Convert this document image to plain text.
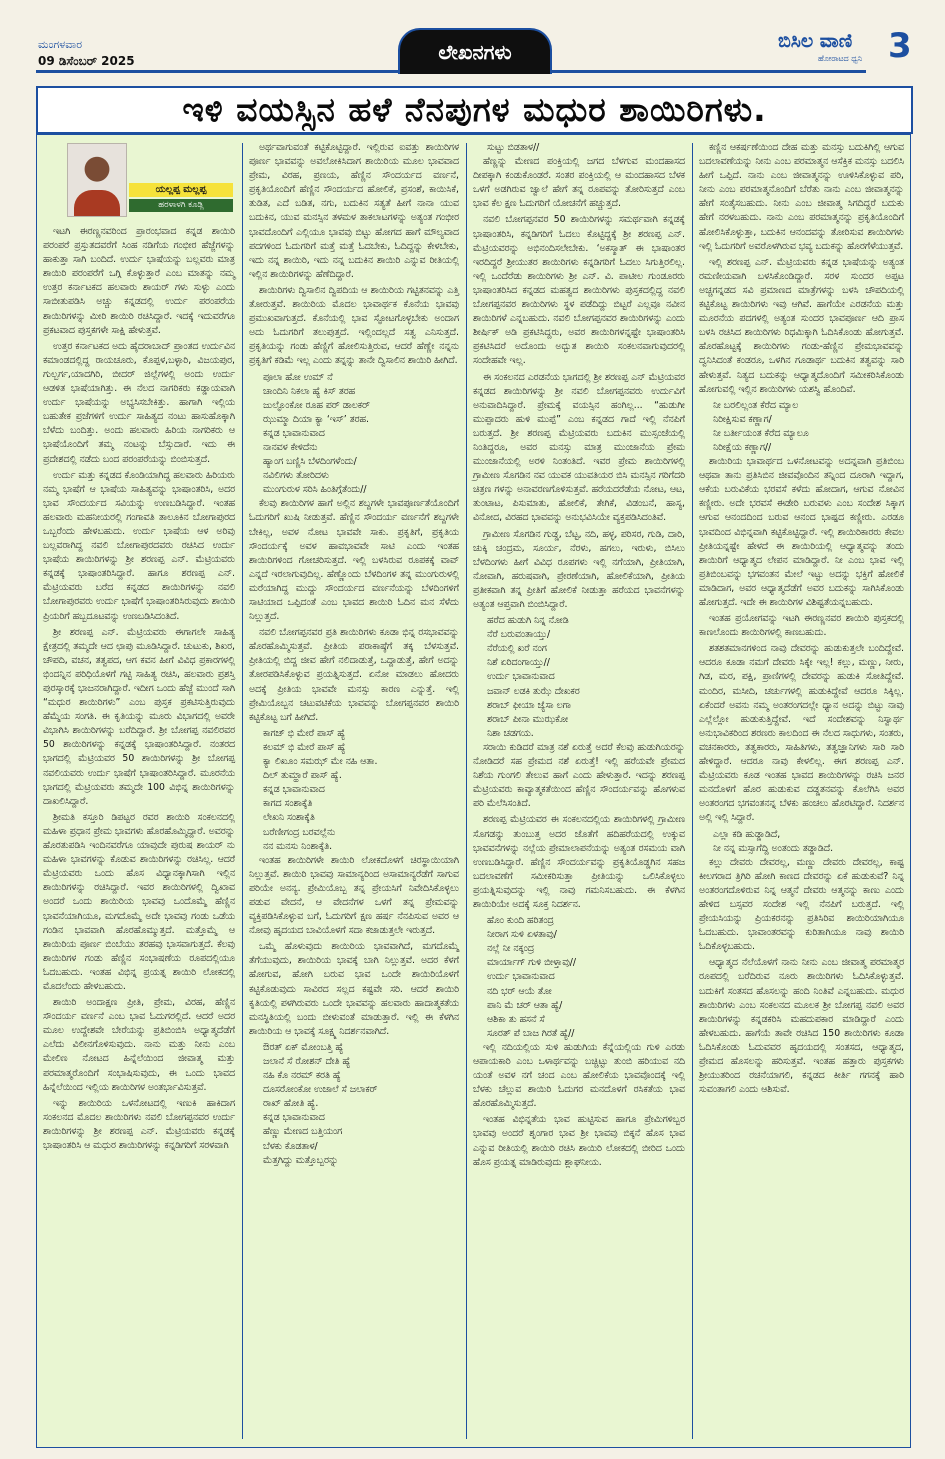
ಮಂಗಳವಾರ
09 ಡಿಸೆಂಬರ್ 2025	ಲೇಖನಗಳು	ಬಿಸಿಲ ವಾಣಿ
ಹೋರಾಟದ ಧ್ವನಿ 3
ಇಳಿ ವಯಸ್ಸಿನ ಹಳೆ ನೆನಪುಗಳ ಮಧುರ ಶಾಯಿರಿಗಳು.
ಯಲ್ಲಪ್ಪ ಮಲ್ಲಪ್ಪ
ಹರಳಾಳಗಿ ಕೂಡ್ಲಿ

ಇಟಗಿ ಈರಣ್ಣನವರಿಂದ ಪ್ರಾರಂಭವಾದ ಕನ್ನಡ ಶಾಯಿರಿ ಪರಂಪರೆ ಪ್ರಸ್ತುತದವರೆಗೆ ಸಿಂಹ ನಡಿಗೆಯ ಗಂಭೀರ ಹೆಜ್ಜೆಗಳನ್ನು ಹಾಕುತ್ತಾ ಸಾಗಿ ಬಂದಿದೆ. ಉರ್ದು ಭಾಷೆಯನ್ನು ಬಲ್ಲವರು ಮಾತ್ರ ಶಾಯಿರಿ ಪರಂಪರೆಗೆ ಒಗ್ಗಿ ಕೊಳ್ಳುತ್ತಾರೆ ಎಂಬ ಮಾತನ್ನು ನಮ್ಮ ಉತ್ತರ ಕರ್ನಾಟಕದ ಹಲವಾರು ಶಾಯರ್ ಗಳು ಸುಳ್ಳು ಎಂದು ಸಾಬೀತುಪಡಿಸಿ ಅಚ್ಚು ಕನ್ನಡದಲ್ಲಿ ಉರ್ದು ಪರಂಪರೆಯ ಶಾಯಿರಿಗಳನ್ನು ಮೀರಿ ಶಾಯಿರಿ ರಚಿಸಿದ್ದಾರೆ. ಇದಕ್ಕೆ ಇದುವರೆಗೂ ಪ್ರಕಟವಾದ ಪುಸ್ತಕಗಳೇ ಸಾಕ್ಷಿ ಹೇಳುತ್ತವೆ.

ಉತ್ತರ ಕರ್ನಾಟಕದ ಅದು ಹೈದರಾಬಾದ್ ಪ್ರಾಂತದ ಉರ್ದುವಿನ ಕಮಾಂಡದಲ್ಲಿದ್ದ ರಾಯಚೂರು, ಕೊಪ್ಪಳ,ಬಳ್ಳಾರಿ, ವಿಜಯಪುರ, ಗುಲ್ಬರ್ಗ,ಯಾದಗಿರಿ, ಬೀದರ್ ಜಿಲ್ಲೆಗಳಲ್ಲಿ ಅಂದು ಉರ್ದು ಆಡಳಿತ ಭಾಷೆಯಾಗಿತ್ತು. ಈ ನೆಲದ ನಾಗರಿಕರು ಕಡ್ಡಾಯವಾಗಿ ಉರ್ದು ಭಾಷೆಯನ್ನು ಅಭ್ಯಸಿಸಬೇಕಿತ್ತು. ಹಾಗಾಗಿ ಇಲ್ಲಿಯ ಬಹುತೇಕ ಪ್ರಜೆಗಳಿಗೆ ಉರ್ದು ಸಾಹಿತ್ಯದ ನಂಟು ಹಾಸುಹೊಕ್ಕಾಗಿ ಬೆಳೆದು ಬಂದಿತ್ತು. ಅಂದು ಹಲವಾರು ಹಿರಿಯ ನಾಗರಿಕರು ಆ ಭಾಷೆಯೊಂದಿಗೆ ತಮ್ಮ ನಂಟನ್ನು ಬೆಸ್ಸುದಾರೆ. ಇದು ಈ ಪ್ರದೇಶದಲ್ಲಿ ನಡೆದು ಬಂದ ಪರಂಪರೆಯನ್ನು ಬಿಂಬಿಸುತ್ತದೆ.

ಉರ್ದು ಮತ್ತು ಕನ್ನಡದ ಕೊಂಡಿಯಾಗಿದ್ದ ಹಲವಾರು ಹಿರಿಯರು ನಮ್ಮ ಭಾಷೆಗೆ ಆ ಭಾಷೆಯ ಸಾಹಿತ್ಯವನ್ನು ಭಾಷಾಂತರಿಸಿ, ಅದರ ಭಾವ ಸೌಂದರ್ಯದ ಸವಿಯನ್ನು ಉಣಬಡಿಸಿದ್ದಾರೆ. ಇಂತಹ ಹಲವಾರು ಮಹನೀಯರಲ್ಲಿ ಗಂಗಾವತಿ ತಾಲೂಕಿನ ಬೋಗಾಪುರದ ಒಬ್ಬರೆಂದು ಹೇಳಬಹುದು. ಉರ್ದು ಭಾಷೆಯ ಆಳ ಅರಿವು ಬಲ್ಲವರಾಗಿದ್ದ ನವಲಿ ಬೋಗಾಪುರದವರು ರಚಿಸಿದ ಉರ್ದು ಭಾಷೆಯ ಶಾಯಿರಿಗಳನ್ನು ಶ್ರೀ ಶರಣಪ್ಪ ಎನ್. ಮೆಟ್ರಿಯವರು ಕನ್ನಡಕ್ಕೆ ಭಾಷಾಂತರಿಸಿದ್ದಾರೆ. ಹಾಗೂ ಶರಣಪ್ಪ ಎನ್. ಮೆಟ್ರಿಯವರು ಬರೆದ ಕನ್ನಡದ ಶಾಯಿರಿಗಳನ್ನು ನವಲಿ ಬೋಗಾಪುರವರು ಉರ್ದು ಭಾಷೆಗೆ ಭಾಷಾಂತರಿಸಿರುವುದು ಶಾಯಿರಿ ಪ್ರಿಯರಿಗೆ ಹಬ್ಬದೂಟವನ್ನು ಉಣಬಡಿಸಿದಂತಿದೆ.

ಶ್ರೀ ಶರಣಪ್ಪ ಎನ್. ಮೆಟ್ರಿಯವರು ಈಗಾಗಲೇ ಸಾಹಿತ್ಯ ಕ್ಷೇತ್ರದಲ್ಲಿ ತಮ್ಮದೇ ಆದ ಛಾಪು ಮೂಡಿಸಿದ್ದಾರೆ. ಚುಟುಕು, ಶಿಖರ, ಚೌಪದಿ, ವಚನ, ತತ್ವಪದ, ಆಗ ಕವನ ಹೀಗೆ ವಿವಿಧ ಪ್ರಕಾರಗಳಲ್ಲಿ ಭಿಂದನ್ನಿನ ಪರಿಧಿಯೊಳಗೆ ಗಟ್ಟಿ ಸಾಹಿತ್ಯ ರಚಿಸಿ, ಹಲವಾರು ಪ್ರಶಸ್ತಿ ಪುರಸ್ಕಾರಕ್ಕೆ ಭಾಜನರಾಗಿದ್ದಾರೆ. ಇದೀಗ ಒಂದು ಹೆಜ್ಜೆ ಮುಂದೆ ಸಾಗಿ “ಮಧುರ ಶಾಯಿರಿಗಳು” ಎಂಬ ಪುಸ್ತಕ ಪ್ರಕಟಿಸುತ್ತಿರುವುದು ಹೆಮ್ಮೆಯ ಸಂಗತಿ. ಈ ಕೃತಿಯನ್ನು ಮೂರು ವಿಭಾಗದಲ್ಲಿ ಅವರೇ ವಿಭಾಗಿಸಿ ಶಾಯಿರಿಗಳನ್ನು ಬರೆದಿದ್ದಾರೆ. ಶ್ರೀ ಬೋಗಪ್ಪ ನವಲಿರವರ 50 ಶಾಯಿರಿಗಳನ್ನು ಕನ್ನಡಕ್ಕೆ ಭಾಷಾಂತರಿಸಿದ್ದಾರೆ. ನಂತರದ ಭಾಗದಲ್ಲಿ ಮೆಟ್ರಿಯವರ 50 ಶಾಯಿರಿಗಳನ್ನು ಶ್ರೀ ಬೋಗಪ್ಪ ನವಲಿಯವರು ಉರ್ದು ಭಾಷೆಗೆ ಭಾಷಾಂತರಿಸಿದ್ದಾರೆ. ಮೂರನೆಯ ಭಾಗದಲ್ಲಿ ಮೆಟ್ರಿಯವರು ತಮ್ಮದೇ 100 ವಿಭಿನ್ನ ಶಾಯಿರಿಗಳನ್ನು ದಾಖಲಿಸಿದ್ದಾರೆ.

ಶ್ರೀಮತಿ ಕಸ್ತೂರಿ ಡಿಪಟ್ಟರ ರವರ ಶಾಯಿರಿ ಸಂಕಲನದಲ್ಲಿ ಮಹಿಳಾ ಪ್ರಧಾನ ಪ್ರೇಮ ಭಾವಗಳು ಹೊರಹೊಮ್ಮಿದ್ದಾರೆ. ಅವರನ್ನು ಹೊರತುಪಡಿಸಿ ಇಂದಿನವರೆಗೂ ಯಾವುದೇ ಪುರುಷ ಶಾಯರ್ ನು ಮಹಿಳಾ ಭಾವಗಳನ್ನು ಕೊಡುವ ಶಾಯಿರಿಗಳನ್ನು ರಚಿಸಿಲ್ಲ. ಆದರೆ ಮೆಟ್ರಿಯವರು ಒಂದು ಹೊಸ ವಿಧ್ಯಾನಕ್ಕಾಗಿಸಾಗಿ ಇಲ್ಲಿನ ಶಾಯಿರಿಗಳನ್ನು ರಚಿಸಿದ್ದಾರೆ. ಇವರ ಶಾಯಿರಿಗಳಲ್ಲಿ ದ್ವಿಖಾವ ಅಂದರೆ ಒಂದು ಶಾಯಿರಿಯ ಭಾವವು ಒಂದೊಮ್ಮೆ ಹೆಣ್ಣಿನ ಭಾವನೆಯಾಗಿಯೂ, ಮಗದೊಮ್ಮೆ ಅದೇ ಭಾವವು ಗಂಡು ಒಡೆಯ ಗಂಡಿನ ಭಾವವಾಗಿ ಹೊರಹೊಮ್ಮುತ್ತದೆ. ಮತ್ತೊಮ್ಮೆ ಆ ಶಾಯಿರಿಯ ಪೂರ್ಣ ಬಿಂಬೆಯು ತರಹವು ಭಾಸವಾಗುತ್ತದೆ. ಕೆಲವು ಶಾಯಿರಿಗಳ ಗಂಡು ಹೆಣ್ಣಿನ ಸಂಭಾಷಣೆಯ ರೂಪದಲ್ಲಿಯೂ ಓದಬಹುದು. ಇಂತಹ ವಿಭಿನ್ನ ಪ್ರಯತ್ನ ಶಾಯಿರಿ ಲೋಕದಲ್ಲಿ ಮೊದಲೆಂದು ಹೇಳಬಹುದು.

ಶಾಯಿರಿ ಅಂದಾಕ್ಷಣ ಪ್ರೀತಿ, ಪ್ರೇಮ, ವಿರಹ, ಹೆಣ್ಣಿನ ಸೌಂದರ್ಯ ವರ್ಣನೆ ಎಂಬ ಭಾವ ಓದುಗರಲ್ಲಿದೆ. ಆದರೆ ಅದರ ಮೂಲ ಉದ್ದೇಶವೇ ಬೇರೆಯನ್ನು ಪ್ರತಿಬಿಂಬಿಸಿ ಅಧ್ಯಾತ್ಮದೆಡೆಗೆ ಎಲೆದು ವಿಲೀನಗೊಳಿಸುವುದು. ನಾನು ಮತ್ತು ನೀನು ಎಂಬ ಮೇಲಿಣ ನೋಟದ ಹಿನ್ನೆಲೆಯಿಂದ ಜೀವಾತ್ಮ ಮತ್ತು ಪರಮಾತ್ಮರೊಂದಿಗೆ ಸಂಭಾಷಿಸುವುದು, ಈ ಒಂದು ಭಾವದ ಹಿನ್ನೆಲೆಯಿಂದ ಇಲ್ಲಿಯ ಶಾಯಿರಿಗಳ ಅಂತರ್ಭಾವಿಸುತ್ತವೆ.

ಇನ್ನು ಶಾಯಿರಿಯ ಒಳನೋಟದಲ್ಲಿ ಇಣುಕಿ ಹಾಕಿದಾಗ ಸಂಕಲನದ ಮೊದಲ ಶಾಯಿರಿಗಳು ನವಲಿ ಬೋಗಪ್ಪನವರ ಉರ್ದು ಶಾಯಿರಿಗಳನ್ನು ಶ್ರೀ ಶರಣಪ್ಪ ಎನ್. ಮೆಟ್ರಿಯವರು ಕನ್ನಡಕ್ಕೆ ಭಾಷಾಂತರಿಸಿ ಆ ಮಧುರ ಶಾಯಿರಿಗಳನ್ನು ಕನ್ನಡಿಗರಿಗೆ ಸರಳವಾಗಿ

ಅರ್ಥವಾಗುವಂತೆ ಕಟ್ಟಿಕೊಟ್ಟಿದ್ದಾರೆ. ಇಲ್ಲಿರುವ ಐವತ್ತು ಶಾಯಿರಿಗಳ ಪೂರ್ಣ ಭಾವವನ್ನು ಅವಲೋಕಿಸಿದಾಗ ಶಾಯಿರಿಯ ಮೂಲ ಭಾವವಾದ ಪ್ರೇಮ, ವಿರಹ, ಪ್ರಣಯ, ಹೆಣ್ಣಿನ ಸೌಂದರ್ಯದ ವರ್ಣನೆ, ಪ್ರಕೃತಿಯೊಂದಿಗೆ ಹೆಣ್ಣಿನ ಸೌಂದರ್ಯದ ಹೋಲಿಕೆ, ಪ್ರಸಂಶೆ, ಕಾಯಿಸಿಕೆ, ತುಡಿತ, ಎದೆ ಬಡಿತ, ನಗು, ಬದುಕಿನ ಸತ್ಯತೆ ಹೀಗೆ ನಾನಾ ಯುವ ಬದುಕಿನ, ಯುವ ಮನಸ್ಸಿನ ತಳಮಳ ತಾಕಲಾಟಗಳನ್ನು ಅತ್ಯಂತ ಗಂಭೀರ ಭಾವದೊಂದಿಗೆ ಎಲ್ಲಿಯೂ ಭಾವವು ಬಿಟ್ಟು ಹೋಗದ ಹಾಗೆ ಮೌಲ್ಯವಾದ ಪದಗಳಿಂದ ಓದುಗರಿಗೆ ಮತ್ತೆ ಮತ್ತೆ ಓದಬೇಕು, ಓದಿದ್ದನ್ನು ಕೇಳಬೇಕು, ಇದು ನನ್ನ ಶಾಯಿರಿ, ಇದು ನನ್ನ ಬದುಕಿನ ಶಾಯಿರಿ ಎನ್ನುವ ರೀತಿಯಲ್ಲಿ ಇಲ್ಲಿನ ಶಾಯಿರಿಗಳನ್ನು ಹೆಣೆದಿದ್ದಾರೆ.

ಶಾಯಿರಿಗಳು ದ್ವಿಸಾಲಿನ ದ್ವಿಪದಿಯ ಆ ಶಾಯಿರಿಯ ಗಟ್ಟಿತನವನ್ನು ಎತ್ತಿ ತೋರುತ್ತವೆ. ಶಾಯಿರಿಯ ಮೊದಲ ಭಾವಾರ್ಥಕ ಕೊನೆಯ ಭಾವವು ಪ್ರಮುಖವಾಗುತ್ತದೆ. ಕೊನೆಯಲ್ಲಿ ಭಾವ ಸ್ಫೋಟಗೊಳ್ಳಬೇಕು ಅಂದಾಗ ಅದು ಓದುಗರಿಗೆ ತಲುಪುತ್ತದೆ. ಇಲ್ಲಿಂದಲ್ಲದೆ ಸತ್ವ ಎನಿಸುತ್ತದೆ. ಪ್ರಕೃತಿಯನ್ನು ಗಂಡು ಹೆಣ್ಣಿಗೆ ಹೋಲಿಸುತ್ತಿರುವ, ಆದರೆ ಹೆಣ್ಣೇ ನನ್ನನು ಪ್ರಕೃತಿಗೆ ಕಡಿಮೆ ಇಲ್ಲ ಎಂದು ತನ್ನನ್ನು ತಾನೇ ದ್ವಿಸಾಲಿನ ಶಾಯಿರಿ ಹೀಗಿದೆ.

ಪೂಲಾ ಹೋ ಉಮ್ ನೆ

ಚಾಂದಿನಿ ನಿಕಲಾ ಹ್ಯೆ ಕಿಸ್ ತರಹ

ಜುಲ್ಫೊಂಕೋ ರೂಹ ಪರ್ ಡಾಲಕರ್

ಝುಮ್ಮಾ ದಿಯಾ ಕ್ಯಾ ‘ಇಸ್’ ತರಹ.

ಕನ್ನಡ ಭಾವಾನುವಾದ

ನಾನವಳ ಕೇಳಿದೆನು

ಹ್ಯಾಂಗ ಬಣ್ಣಿಸಿ ಬೆಳದಿಂಗಳೆಂದು/

ನವಿಲಿಗಳು ತೋರಿದಳು

ಮುಂಗುರುಳ ಸರಿಸಿ ಹಿಂತಿಗ್ಗೆತೆಂದು//

ಕೆಲವು ಶಾಯಿರಿಗಳ ಹಾಗೆ ಅಲ್ಲಿನ ಶಬ್ದಗಳೇ ಭಾವಪೂರ್ಣತೆಯೊಂದಿಗೆ ಓದುಗರಿಗೆ ಖುಷಿ ನೀಡುತ್ತವೆ. ಹೆಣ್ಣಿನ ಸೌಂದರ್ಯ ವರ್ಣನೆಗೆ ಶಬ್ದಗಳೇ ಬೇಕಿಲ್ಲ, ಅವಳ ನೋಟ ಭಾವವೇ ಸಾಕು. ಪ್ರಕೃತಿಗೆ, ಪ್ರಕೃತಿಯ ಸೌಂದರ್ಯಕ್ಕೆ ಅವಳ ಹಾವಭಾವವೇ ಸಾಟಿ ಎಂದು ಇಂತಹ ಶಾಯಿರಿಗಳಿಂದ ಗೋಚರಿಸುತ್ತದೆ. ಇಲ್ಲಿ ಬಳಸಿರುವ ರೂಪಕಕ್ಕೆ ವಾವ್ ಎನ್ನದೆ ಇರಲಾಗುವುದಿಲ್ಲ. ಹೆಣ್ಣೊಂದು ಬೆಳದಿಂಗಳ ತನ್ನ ಮುಂಗುರುಳಲ್ಲಿ ಮರೆಯಾಗಿದ್ದ ಮುದ್ದು ಸೌಂದರ್ಯದ ವರ್ಣನೆಯನ್ನು ಬೆಳದಿಂಗಳಿಗೆ ಸಾಟಿಯಾದ ಒಪ್ಪಿದಂತೆ ಎಂಬ ಭಾವದ ಶಾಯಿರಿ ಓದಿನ ಮನ ಸೆಳೆದು ನಿಲ್ಲುತ್ತದೆ.

ನವಲಿ ಬೋಗಪ್ಪನವರ ಪ್ರತಿ ಶಾಯಿರಿಗಳು ಕೂಡಾ ಭಿನ್ನ ರಸಭಾವವನ್ನು ಹೊರಹೊಮ್ಮಿಸುತ್ತವೆ. ಪ್ರೀತಿಯ ಪರಾಕಾಷ್ಠೆಗೆ ತಕ್ಕ ಬೆಳಸುತ್ತವೆ. ಪ್ರೀತಿಯಲ್ಲಿ ಬಿದ್ದ ಜೀವ ಹೇಗೆ ನಲಿದಾಡುತ್ತೆ, ಒದ್ದಾಡುತ್ತೆ, ಹೇಗೆ ಅದನ್ನು ತೋರಪಡಿಸಿಕೊಳ್ಳುವ ಪ್ರಯತ್ನಿಸುತ್ತದೆ. ಏನೋ ಮಾಡಲು ಹೋದರು ಅದಕ್ಕೆ ಪ್ರೀತಿಯ ಭಾವವೇ ಮನಸ್ಸು ಕಾರಣ ಎನ್ನುತ್ತೆ. ಇಲ್ಲಿ ಪ್ರೇಮಿಯೊಬ್ಬನ ಚಟುವಟಿಕೆಯ ಭಾವವನ್ನು ಬೋಗಪ್ಪನವರ ಶಾಯಿರಿ ಕಟ್ಟಿಕೊಟ್ಟ ಬಗೆ ಹೀಗಿದೆ.

ಕಾಗಜ್ ಭಿ ಮೇರೆ ಪಾಸ್ ಹ್ಯೆ

ಕಲಮ್ ಭಿ ಮೇರೆ ಪಾಸ್ ಹ್ಯೆ

ಕ್ಯಾ ಲಿಖೂಂ ಸಮಝ್ ಮೇ ನಹಿ ಆತಾ.

ದಿಲ್ ತುಮ್ಹಾರೆ ಪಾಸ್ ಹ್ಯೆ.

ಕನ್ನಡ ಭಾವಾನುವಾದ

ಕಾಗದ ಸಂಶಾಕ್ಕೆತಿ

ಲೇಖನಿ ಸಂಶಾಕ್ಕೆತಿ

ಬರೆಣೀಗಂದ್ರ ಬರವಲ್ಲೆನು

ನನ ಮನಸು ನಿಂಶಾಕ್ಕೆತಿ.

ಇಂತಹ ಶಾಯಿರಿಗಳೇ ಶಾಯಿರಿ ಲೋಕದೊಳಗೆ ಚಿರಸ್ಥಾಯಿಯಾಗಿ ನಿಲ್ಲುತ್ತವೆ. ಶಾಯಿರಿ ಭಾವವು ಸಾಮಾನ್ಯರಿಂದ ಅಸಾಮಾನ್ಯರೆಡೆಗೆ ಸಾಗುವ ಪರಿಯೇ ಅನನ್ಯ. ಪ್ರೇಮಿಯೊಬ್ಬ ತನ್ನ ಪ್ರೇಯಸಿಗೆ ನಿವೇದಿಸಿಕೊಳ್ಳಲು ಪಡುವ ವೇದನೆ, ಆ ವೇದನೆಗಳ ಒಳಗೆ ತನ್ನ ಪ್ರೇಮವನ್ನು ವ್ಯಕ್ತಿಪಡಿಸಿಕೊಳ್ಳುವ ಬಗೆ, ಓದುಗರಿಗೆ ಕ್ಷಣ ಹರ್ಷ ನೆನಪಿಸುವ ಅವರ ಆ ನೋವು ಹೃದಯದ ಬಾವಿಯೊಳಗೆ ಸದಾ ಕಜಾಡುತ್ತಲೇ ಇರುತ್ತದೆ.

ಒಮ್ಮೆ ಹೊಳುವುದು ಶಾಯಿರಿಯ ಭಾವವಾಗಿದೆ, ಮಗದೊಮ್ಮೆ ತೆಗೆಯುವುದು, ಶಾಯಿರಿಯ ಭಾವಕ್ಕೆ ಬಾಗಿ ನಿಲ್ಲುತ್ತವೆ. ಅದರ ಕೆಳಗೆ ಹೋಗುವ, ಹೋಗಿ ಬರುವ ಭಾವ ಒಂದೇ ಶಾಯಿರಿಯೊಳಗೆ ಕಟ್ಟಿಕೊಡುವುದು ಸಾವಿರದ ಸಲ್ಲದ ಕಷ್ಟವೇ ಸರಿ. ಆದರೆ ಶಾಯಿರಿ ಕೃತಿಯಲ್ಲಿ ಪಳಗಿರುವರು ಒಂದೇ ಭಾವವನ್ನು ಹಲವಾರು ಹಾದಾತ್ಮಕತೆಯ ಮನಸ್ಥಿತಿಯಲ್ಲಿ ಬಂದು ಬೀಳುವಂತೆ ಮಾಡುತ್ತಾರೆ. ಇಲ್ಲಿ ಈ ಕೆಳಗಿನ ಶಾಯಿರಿಯ ಆ ಭಾವಕ್ಕೆ ಸೂಕ್ಷ್ಮ ನಿದರ್ಶನವಾಗಿದೆ.

ಔರತ್ ಏಕ್ ಮೋಂಬತ್ತಿ ಹ್ಯೆ

ಜಲಾನೆ ಸೆ ರೋಶನ್ ದೇತಿ ಹ್ಯೆ

ನಹಿ ಕೊ ನರಮ್ ಕರತಿ ಹ್ಯೆ

ದೂಸರೋಂಕೋ ಉಜಾಲೆ ಸೆ ಜಲಾಕರ್

ರಾಖ್ ಹೋತಿ ಹ್ಯೆ.

ಕನ್ನಡ ಭಾವಾನುವಾದ

ಹೆಣ್ಣು ಮೇಣದ ಬತ್ತಿಯಂಗ

ಬೆಳಕು ಕೊಡತಾಳ/

ಮೆತ್ತಗಿದ್ದು ಮತ್ತೊಬ್ಬರನ್ನು

ಸುಟ್ಟು ಬಿಡತಾಳ//

ಹೆಣ್ಣನ್ನು ಮೇಣದ ಪಂಕ್ತಿಯಲ್ಲಿ ಜಗದ ಬೆಳಗುವ ಮಂದಹಾಸದ ದೀಪಕ್ಕಾಗಿ ಕಂಡುಕೊಂಡರೆ. ಸಂತರ ಪಂಕ್ತಿಯಲ್ಲಿ ಆ ಮಂದಹಾಸದ ಬೆಳಕ ಒಳಗೆ ಅಡಗಿರುವ ಜ್ವಾಲೆ ಹೇಗೆ ತನ್ನ ರೂಪವನ್ನು ತೋರಿಸುತ್ತದೆ ಎಂಬ ಭಾವ ಕೆಲ ಕ್ಷಣ ಓದುಗರಿಗೆ ಯೋಚನೆಗೆ ಹಚ್ಚುತ್ತದೆ.

ನವಲಿ ಬೋಗಪ್ಪನವರ 50 ಶಾಯಿರಿಗಳನ್ನು ಸಮರ್ಥವಾಗಿ ಕನ್ನಡಕ್ಕೆ ಭಾಷಾಂತರಿಸಿ, ಕನ್ನಡಿಗರಿಗೆ ಓದಲು ಕೊಟ್ಟಿದ್ದಕ್ಕೆ ಶ್ರೀ ಶರಣಪ್ಪ ಎನ್. ಮೆಟ್ರಿಯವರನ್ನು ಅಭಿನಂದಿಸಲೇಬೇಕು. ‘ಅಕಸ್ಮಾತ್ ಈ ಭಾಷಾಂತರ ಇರದಿದ್ದರೆ ಶ್ರೀಯುತರ ಶಾಯಿರಿಗಳು ಕನ್ನಡಿಗರಿಗೆ ಓದಲು ಸಿಗುತ್ತಿರಲಿಲ್ಲ. ಇಲ್ಲಿ ಒಂದೆರೆಡು ಶಾಯಿರಿಗಳು ಶ್ರೀ ಎನ್. ವಿ. ಪಾಟೀಲ ಗುಂಡೂರರು ಭಾಷಾಂತರಿಸಿದ ಕನ್ನಡದ ಮಹತ್ವದ ಶಾಯಿರಿಗಳು ಪುಸ್ತಕದಲ್ಲಿದ್ದ ನವಲಿ ಬೋಗಪ್ಪನವರ ಶಾಯಿರಿಗಳು ಸ್ಥಳ ಪಡೆದಿದ್ದು ಬಿಟ್ಟರೆ ಎಲ್ಲವೂ ನವೀನ ಶಾಯಿರಿಗಳೆ ಎನ್ನಬಹುದು. ನವಲಿ ಬೋಗಪ್ಪನವರ ಶಾಯಿರಿಗಳನ್ನು ಎಂದು ಶೀರ್ಷಿಕ್ ಅಡಿ ಪ್ರಕಟಿಸಿದ್ದರು, ಅವರ ಶಾಯಿರಿಗಳನ್ನಷ್ಟೇ ಭಾಷಾಂತರಿಸಿ ಪ್ರಕಟಿಸಿದರೆ ಅದೊಂದು ಅದ್ಭುತ ಶಾಯಿರಿ ಸಂಕಲನವಾಗುವುದರಲ್ಲಿ ಸಂದೇಹವೇ ಇಲ್ಲ.

ಈ ಸಂಕಲನದ ಎರಡನೆಯ ಭಾಗದಲ್ಲಿ ಶ್ರೀ ಶರಣಪ್ಪ ಎನ್ ಮೆಟ್ರಿಯವರ ಕನ್ನಡದ ಶಾಯಿರಿಗಳನ್ನು ಶ್ರೀ ನವಲಿ ಬೋಗಪ್ಪನವರು ಉರ್ದುವಿಗೆ ಅನುವಾದಿಸಿದ್ದಾರೆ. ಪ್ರೇಮಕ್ಕೆ ವಯಸ್ಸಿನ ಹಂಗಿಲ್ಲ... “ಹುಡುಗೀ ಮುಪ್ಪಾದರು ಹುಳಿ ಮುಪ್ಪೆ” ಎಂಬ ಕನ್ನಡದ ಗಾದೆ ಇಲ್ಲಿ ನೆನಪಿಗೆ ಬರುತ್ತದೆ. ಶ್ರೀ ಶರಣಪ್ಪ ಮೆಟ್ರಿಯವರು ಬದುಕಿನ ಮುಸ್ಸಂಜೆಯಲ್ಲಿ ನಿಂತಿದ್ದರೂ, ಅವರ ಮನಸ್ಸು ಮಾತ್ರ ಮುಂಜಾನೆಯ ಪ್ರೇಮ ಮುಂಜಾನೆಯಲ್ಲಿ ಅರಳಿ ನಿಂತಂತಿದೆ. ಇವರ ಪ್ರೇಮ ಶಾಯಿರಿಗಳಲ್ಲಿ ಗ್ರಾಮೀಣ ಸೊಗಡಿನ ನವ ಯುವಕ ಯುವತಿಯರ ಬಿಸಿ ಮನಸ್ಸಿನ ಗರಿಗೆದರಿ ಚಿತ್ರಣ ಗಳನ್ನು ಅನಾವರಣಗೊಳಿಸುತ್ತವೆ. ಹರೆಯದರೆಡೆಯ ನೋಟ, ಆಟ, ತುಂಟಾಟ, ಪಿಸುಮಾತು, ಹೋಲಿಕೆ, ತೇಗಿಕೆ, ವಿಡಂಬನೆ, ಹಾಸ್ಯ, ವಿನೋದ, ವಿರಹದ ಭಾವವನ್ನು ಅನುಭವಿಸಿಯೇ ವ್ಯಕ್ತಪಡಿಸಿದಂತಿವೆ.

ಗ್ರಾಮೀಣ ಸೊಗಡಿನ ಗುಡ್ಡ, ಬೆಟ್ಟ, ನದಿ, ಹಳ್ಳ, ಪರಿಸರ, ಗುಡಿ, ದಾರಿ, ಚುಕ್ಕಿ ಚಂದ್ರಮ, ಸೂರ್ಯ, ನೆರಳು, ಹಗಲು, ಇರುಳು, ಬಿಸಿಲು ಬೆಳದಿಂಗಳು ಹೀಗೆ ವಿವಿಧ ರೂಪಗಳು ಇಲ್ಲಿ ನಗೆಯಾಗಿ, ಪ್ರೀತಿಯಾಗಿ, ನೋವಾಗಿ, ಹರುಷವಾಗಿ, ಪ್ರೇರಣೆಯಾಗಿ, ಹೋಲಿಕೆಯಾಗಿ, ಪ್ರೀತಿಯ ಪ್ರತೀಕವಾಗಿ ತನ್ನ ಪ್ರೀತಿಗೆ ಹೋಲಿಕೆ ನೀಡುತ್ತಾ ಹರೆಯದ ಭಾವನೆಗಳನ್ನು ಅತ್ಯಂತ ಆಪ್ತವಾಗಿ ಬಿಂಬಿಸಿದ್ದಾರೆ.

ಹರೆದ ಹುಡುಗಿ ನಿನ್ನ ನೋಡಿ

ನೆರೆ ಬರುವಂತಾಯ್ತು/

ನೆರೆಯಲ್ಲಿ ಖರೆ ನಂಗ

ನಿಶೆ ಏರಿದಂಗಾಯ್ತು//

ಉರ್ದು ಭಾವಾನುವಾದ

ಜವಾನ್ ಲಡಕಿ ತುಝೆ ದೇಖಕರ

ಶರಾಬ್ ಫೀಯಾ ಜ್ಯೆಸಾ ಲಗಾ

ಶರಾಬ್ ಪೀನಾ ಮುಝಕೋ

ನಿಶಾ ಚಡಗಯ.

ಸರಾಯಿ ಕುಡಿದರೆ ಮಾತ್ರ ನಶೆ ಏರುತ್ತೆ ಅದರೆ ಕೆಲವು ಹುಡುಗಿಯರನ್ನು ನೋಡಿದರೆ ಸಹ ಪ್ರೇಮದ ನಶೆ ಏರುತ್ತೆ! ಇಲ್ಲಿ ಹರೆಯವೇ ಪ್ರೇಮದ ನಿಶೆಯ ಗುಂಗಲಿ ತೇಲುವ ಹಾಗೆ ಎಂದು ಹೇಳುತ್ತಾರೆ. ಇದನ್ನು ಶರಣಪ್ಪ ಮೆಟ್ರಿಯವರು ಕಾವ್ಯಾತ್ಮಕತೆಯಿಂದ ಹೆಣ್ಣಿನ ಸೌಂದರ್ಯವನ್ನು ಹೊಗಳುವ ಪರಿ ಮೆಲೆಸಿಸಂತಿದೆ.

ಶರಣಪ್ಪ ಮೆಟ್ರಿಯವರ ಈ ಸಂಕಲನದಲ್ಲಿಯ ಶಾಯಿರಿಗಳಲ್ಲಿ ಗ್ರಾಮೀಣ ಸೊಗಡನ್ನು ತುಂಬುತ್ತ ಅದರ ಜೊತೆಗೆ ಹದಿಹರೆಯದಲ್ಲಿ ಉಕ್ಕುವ ಭಾವವನೆಗಳನ್ನು ನಲ್ಲೆಯ ಪ್ರೇಮಾಲಾಪನೆಯನ್ನು ಅತ್ಯಂತ ರಸಮಯ ವಾಗಿ ಉಣಬಡಿಸಿದ್ದಾರೆ. ಹೆಣ್ಣಿನ ಸೌಂದರ್ಯವನ್ನು ಪ್ರಕೃತಿಯೊಡ್ಡಗಿನ ಸಹಜ ಬದಲಾವಣೆಗೆ ಸಮೀಕರಿಸುತ್ತಾ ಪ್ರೀತಿಯನ್ನು ಒಲಿಸಿಕೊಳ್ಳಲು ಪ್ರಯತ್ನಿಸುವುದನ್ನು ಇಲ್ಲಿ ನಾವು ಗಮನಿಸಬಹುದು. ಈ ಕೆಳಗಿನ ಶಾಯಿರಿಯೇ ಅದಕ್ಕೆ ಸೂಕ್ತ ನಿದರ್ಶನ.

ಹೊಂ ಕುಂದಿ ಹರಿತಂದ್ರ

ನೀರಾಗ ಸುಳಿ ಏಳತಾವು/

ನಲ್ಲೆ ನೀ ನಕ್ಕಂದ್ರ

ಮಾರ್ಯಾಗ್ ಗುಳಿ ಬೀಳ್ತಾವು//

ಉರ್ದು ಭಾವಾನುವಾದ

ನದಿ ಭರ್ ಆಯೆ ತೋ

ಪಾನಿ ಮೆ ಚರ್ ಆತಾ ಹ್ಯೆ/

ಆಶಿಕಾ ತು ಹಸನೆ ಸೆ

ಸೂರತ್ ಪೆ ಬಾಜ ಗಿರತೆ ಹ್ಯೆ//

ಇಲ್ಲಿ ನದಿಯಲ್ಲಿಯ ಸುಳಿ ಹುಡುಗಿಯ ಕೆನ್ನೆಯಲ್ಲಿಯ ಗುಳಿ ಎರಡು ಆಪಾಯಕಾರಿ ಎಂಬ ಒಳಾರ್ಥವನ್ನು ಬಚ್ಚಿಟ್ಟು ತುಂಬಿ ಹರಿಯುವ ನದಿ ಯಂತೆ ಅವಳ ನಗೆ ಚಂದ ಎಂಬ ಹೋಲಿಕೆಯ ಭಾವವೊಂದಕ್ಕೆ ಇಲ್ಲಿ ಬೆಳಕು ಚೆಲ್ಲುವ ಶಾಯಿರಿ ಓದುಗರ ಮನದೊಳಗೆ ರಸಿಕತೆಯ ಭಾವ ಹೊರಹೊಮ್ಮಿಸುತ್ತದೆ.

ಇಂತಹ ವಿಭಿನ್ನತೆಯ ಭಾವ ಹುಟ್ಟಿಸುವ ಹಾಗೂ ಪ್ರೇಮಿಗಳಿಬ್ಬರ ಭಾವವು ಅಂದರೆ ಶೃಂಗಾರ ಭಾವ ಶ್ರೀ ಭಾವವು ಬಿಕ್ಕನೆ ಹೊಸ ಭಾವ ಎನ್ನುವ ರೀತಿಯಲ್ಲಿ ಶಾಯಿರಿ ರಚಿಸಿ ಶಾಯಿರಿ ಲೋಕದಲ್ಲಿ ಬೀರಿದ ಒಂದು ಹೊಸ ಪ್ರಯತ್ನ ಮಾಡಿರುವುದು ಶ್ಲಾಘನೀಯ.

ಕಣ್ಣಿನ ಆಕರ್ಷಣೆಯಿಂದ ದೇಹ ಮತ್ತು ಮನಸ್ಸು ಬದುಕಿಗಿಲ್ಲಿ ಆಗುವ ಬದಲಾವಣೆಯನ್ನು ನೀನು ಎಂಬ ಪರಮಾತ್ಮನ ಆಸೆಕ್ತಿಕ ಮನಸ್ಸು ಬದಲಿಸಿ ಹೀಗೆ ಒಪ್ಪಿದೆ. ನಾನು ಎಂಬ ಜೀವಾತ್ಮನನ್ನು ಊಳಿಸಿಕೊಳ್ಳುವ ಪರಿ, ನೀನು ಎಂಬ ಪರಮಾತ್ಮನೊಂದಿಗೆ ಬೆರೆತು ನಾನು ಎಂಬ ಜೀವಾತ್ಮನನ್ನು ಹೇಗೆ ಸಂತೈಸಬಹುದು. ನೀನು ಎಂಬ ಜೀವಾತ್ಮ ಸಿಗದಿದ್ದರೆ ಬದುಕು ಹೇಗೆ ನರಳಬಹುದು. ನಾನು ಎಂಬ ಪರಮಾತ್ಮನನ್ನು ಪ್ರಕೃತಿಯೊಂದಿಗೆ ಹೋಲಿಸಿಕೊಳ್ಳುತ್ತಾ, ಬದುಕಿನ ಆನಂದವನ್ನು ತೋರಿಸುವ ಶಾಯಿರಿಗಳು ಇಲ್ಲಿ ಓದುಗರಿಗೆ ಅವರೊಳಗಿರುವ ಭವ್ಯ ಬದುಕನ್ನು ಹೊರಗೆಳೆಯುತ್ತವೆ.

ಇಲ್ಲಿ ಶರಣಪ್ಪ ಎನ್. ಮೆಟ್ರಿಯವರು ಕನ್ನಡ ಭಾಷೆಯನ್ನು ಅತ್ಯಂತ ರಮಣೀಯವಾಗಿ ಬಳಸಿಕೊಂಡಿದ್ದಾರೆ. ಸರಳ ಸುಂದರ ಅಪ್ಪಟ ಅಚ್ಚಗನ್ನಡದ ಸವಿ ಪ್ರಮಾಣದ ಮಾತ್ರೆಗಳನ್ನು ಬಳಸಿ ಚೌಪದಿಯಲ್ಲಿ ಕಟ್ಟಿಕೊಟ್ಟ ಶಾಯಿರಿಗಳು ಇವು ಆಗಿವೆ. ಹಾಗೆಯೇ ಎರಡನೆಯ ಮತ್ತು ಮೂರನೆಯ ಪದಗಳಲ್ಲಿ ಅತ್ಯಂತ ಸುಂದರ ಭಾವಪೂರ್ಣ ಆದಿ ಪ್ರಾಸ ಬಳಸಿ ರಚಿಸಿದ ಶಾಯಿರಿಗಳು ರಿಧಮಿಕ್ಕಾಗಿ ಓದಿಸಿಕೊಂಡು ಹೋಗುತ್ತವೆ. ಹೊರಹೊಟ್ಟಕ್ಕೆ ಶಾಯಿರಿಗಳು ಗಂಡು-ಹೆಣ್ಣಿನ ಪ್ರೇಮಭಾವವನ್ನು ದ್ವನಿಸಿದಂತೆ ಕಂಡರೂ, ಒಳಗಿನ ಗೂಡಾರ್ಥ ಬದುಕಿನ ತತ್ವವನ್ನು ಸಾರಿ ಹೇಳುತ್ತವೆ. ನಿತ್ಯದ ಬದುಕನ್ನು ಆಧ್ಯಾತ್ಮದೊಂದಿಗೆ ಸಮೀಕರಿಸಿಕೊಂಡು ಹೋಗುವಲ್ಲಿ ಇಲ್ಲಿನ ಶಾಯಿರಿಗಳು ಯಶಸ್ವಿ ಹೊಂದಿವೆ.

ನೀ ಬರಲಿಲ್ಲಂತ ಕೆರೆದ ಮ್ಯಾಲ

ನಿರೀಕ್ಷಿಸುವ ಕಣ್ಣಾಗ/

ನೀ ಬರ್ತೀಯಂತ ಕೆರೆದ ಮ್ಯಾಲೂ

ನಿರೀಕ್ಷೆಯ ಕಣ್ಣಾಗ//

ಶಾಯಿರಿಯ ಭಾವಾರ್ಥದ ಒಳನೋಟವನ್ನು ಅದನ್ನವಾಗಿ ಪ್ರತಿಬಿಂಬ ಆಥವಾ ತಾನು ಪ್ರತಿಸಿಬಿನ ಜೀವವೊಂದಿನ ತನ್ನಿಂದ ದೂರಾಗಿ ಇದ್ದಾಗ, ಆಕೆಯ ಬರುವಿಕೆಯ ಭರವಸೆ ಕಳೆದು ಹೋದಾಗ, ಆಗುವ ನೋವಿನ ಕಣ್ಣೀರು. ಅದೇ ಭರವಸೆ ಈಡೇರಿ ಬರುವಳು ಎಂಬ ಸಂದೇಶ ಸಿಕ್ಕಾಗ ಆಗುವ ಆನಂದದಿಂದ ಬರುವ ಆನಂದ ಭಾಷ್ಪದ ಕಣ್ಣೀರು. ಎರಡೂ ಭಾವದಿಂದ ವಿಭಿನ್ನವಾಗಿ ಕಟ್ಟಿಕೊಟ್ಟಿದ್ದಾರೆ. ಇಲ್ಲಿ ಶಾಯಿರಿಕಾರರು ಕೇವಲ ಪ್ರೀತಿಯನ್ನಷ್ಟೇ ಹೇಳದೆ ಈ ಶಾಯಿರಿಯಲ್ಲಿ ಆಧ್ಯಾತ್ಮವನ್ನು ತಂದು ಶಾಯಿರಿಗೆ ಆಧ್ಯಾತ್ಮದ ಲೇಪನ ಮಾಡಿದ್ದಾರೆ. ನೀ ಎಂಬ ಭಾವ ಇಲ್ಲಿ ಪ್ರತಿಬಿಂಬವನ್ನು ಭಗವಂತನ ಮೇಲೆ ಇಟ್ಟು ಅದನ್ನು ಭಕ್ತಿಗೆ ಹೋಲಿಕೆ ಮಾಡಿದಾಗ, ಅವರ ಆಧ್ಯಾತ್ಮದೆಡೆಗೆ ಅವರ ಬದುಕನ್ನು ಸಾಗಿಸಿಕೊಂಡು ಹೋಗುತ್ತದೆ. ಇದೇ ಈ ಶಾಯಿರಿಗಳ ವಿಶಿಷ್ಟತೆಯನ್ನಬಹುದು.

ಇಂತಹ ಪ್ರಯೋಗವನ್ನು ಇಟಗಿ ಈರಣ್ಣನವರ ಶಾಯಿರಿ ಪುಸ್ತಕದಲ್ಲಿ ಕಾಣಲೊಂದು ಶಾಯಿರಿಗಳಲ್ಲಿ ಕಾಣಬಹುದು.

ಶತಶತಮಾನಗಳಿಂದ ನಾವು ದೇವರನ್ನು ಹುಡುಕುತ್ತಲೇ ಬಂದಿದ್ದೇವೆ. ಆದರೂ ಕೂಡಾ ನಮಗೆ ದೇವರು ಸಿಕ್ಕೇ ಇಲ್ಲ! ಕಲ್ಲು, ಮಣ್ಣು, ನೀರು, ಗಿಡ, ಮರ, ಪಕ್ಷಿ, ಪ್ರಾಣಿಗಳಲ್ಲಿ ದೇವರನ್ನು ಹುಡುಕಿ ಸೋತಿದ್ದೇವೆ. ಮಂದಿರ, ಮಸೀದಿ, ಚರ್ಚುಗಳಲ್ಲಿ ಹುಡುಕಿದ್ದೇವೆ ಆದರೂ ಸಿಕ್ಕಿಲ್ಲ. ಏಕೆಂದರೆ ಅವನು ನಮ್ಮ ಅಂತರಂಗದಲ್ಲೇ ಧ್ಯಾನ ಅದನ್ನು ಬಿಟ್ಟು ನಾವು ಎಲ್ಲೆಲ್ಲೋ ಹುಡುಕುತ್ತಿದ್ದೇವೆ. ಇದೆ ಸಂದೇಶವನ್ನು ನಿಸ್ವಾರ್ಥ ಅನುಭಾವಿಕರಿಂದ ಶರಣರು ಕಾಲದಿಂದ ಈ ನೆಲದ ಸಾಧುಗಳು, ಸಂತರು, ವಚನಕಾರರು, ತತ್ವಕಾರರು, ಸಾಹಿತಿಗಳು, ತತ್ವಜ್ಞಾನಿಗಳು ಸಾರಿ ಸಾರಿ ಹೇಳಿದ್ದಾರೆ. ಆದರೂ ನಾವು ಕೇಳಲಿಲ್ಲ. ಈಗ ಶರಣಪ್ಪ ಎನ್. ಮೆಟ್ರಿಯವರು ಕೂಡ ಇಂತಹ ಭಾವದ ಶಾಯಿರಿಗಳನ್ನು ರಚಿಸಿ ಜನರ ಮನದೊಳಗೆ ಹೊರ ಹುಡುಕುವ ದಡ್ಡತನವನ್ನು ಕೊಲೆಗಿಸಿ ಅವರ ಅಂತರಂಗದ ಭಗವಂತನನ್ನ ಬೆಳಕು ಹಂಚಲು ಹೊರಟಿದ್ದಾರೆ. ನಿದರ್ಶನ ಅಲ್ಲಿ ಇಲ್ಲಿ ಸಿದ್ದಾರೆ.

ಎಲ್ಲಾ ಕಡಿ ಹುಡ್ಡಾಡಿದೆ,

ನೀ ನನ್ನ ಮಸ್ಸಾಗೆದ್ದಿ ಅಂತಂದು ತಡ್ಡಾಡಿದೆ.

ಕಲ್ಲು ದೇವರು ದೇವರಲ್ಲ, ಮಣ್ಣು ದೇವರು ದೇವರಲ್ಲ, ಕಾಷ್ಟ ಕೀಲಗರಾದ ತ್ರಿಗಿರಿ ಹೋಗಿ ಕಾಣದ ದೇವರನ್ನು ಏಕೆ ಹುಡುಕುವೆ? ನಿನ್ನ ಅಂತರಂಗದೊಳಿರುವ ನಿನ್ನ ಆತ್ಮನೆ ದೇವರು ಆತ್ಮನನ್ನು ಕಾಣು ಎಂದು ಹೇಳಿದ ಬಸ್ಸವರ ಸಂದೇಶ ಇಲ್ಲಿ ನೆನಪಿಗೆ ಬರುತ್ತದೆ. ಇಲ್ಲಿ ಪ್ರೇಯಸಿಯನ್ನು ಪ್ರಿಯಕರನನ್ನು ಪ್ರತಿಸಿರಿವ ಶಾಯಿರಿಯಾಗಿಯೂ ಓದಬಹುದು. ಭಾವಾಂತರವನ್ನು ಕುರಿತಾಗಿಯೂ ನಾವು ಶಾಯಿರಿ ಓದಿಕೊಳ್ಳಬಹುದು.

ಆಧ್ಯಾತ್ಮದ ನೆಲೆಯೊಳಗೆ ನಾನು ನೀನು ಎಂಬ ಜೀವಾತ್ಮ ಪರಮಾತ್ಮರ ರೂಪದಲ್ಲಿ ಬರೆದಿರುವ ನೂರು ಶಾಯಿರಿಗಳು ಓದಿಸಿಕೊಳ್ಳುತ್ತವೆ. ಬದುಕಿಗೆ ಸಂತಸದ ಹೊಸಲನ್ನು ಹಂದಿ ನಿಂತಿವೆ ಎನ್ನಬಹುದು. ಮಧುರ ಶಾಯಿರಿಗಳು ಎಂಬ ಸಂಕಲನದ ಮೂಲಕ ಶ್ರೀ ಬೋಗಪ್ಪ ನವಲಿ ಅವರ ಶಾಯಿರಿಗಳನ್ನು ಕನ್ನಡಕರಿಸಿ ಮಹದುಪಕಾರ ಮಾಡಿದ್ದಾರೆ ಎಂದು ಹೇಳಬಹುದು. ಹಾಗೆಯೆ ತಾವೇ ರಚಿಸಿದ 150 ಶಾಯಿರಿಗಳು ಕೂಡಾ ಓದಿಸಿಕೊಂಡು ಓದುವವರ ಹೃದಯದಲ್ಲಿ ಸಂತಸದ, ಆಧ್ಯಾತ್ಮದ, ಪ್ರೇಮದ ಹೊಸಲನ್ನು ಹರಿಸುತ್ತವೆ. ಇಂತಹ ಹತ್ತಾರು ಪುಸ್ತಕಗಳು ಶ್ರೀಯುತರಿಂದ ರಚನೆಯಾಗಲಿ, ಕನ್ನಡದ ಕೀರ್ತಿ ಗಗನಕ್ಕೆ ಹಾರಿ ಸುವಂತಾಗಲಿ ಎಂದು ಆಶಿಸುವೆ.
